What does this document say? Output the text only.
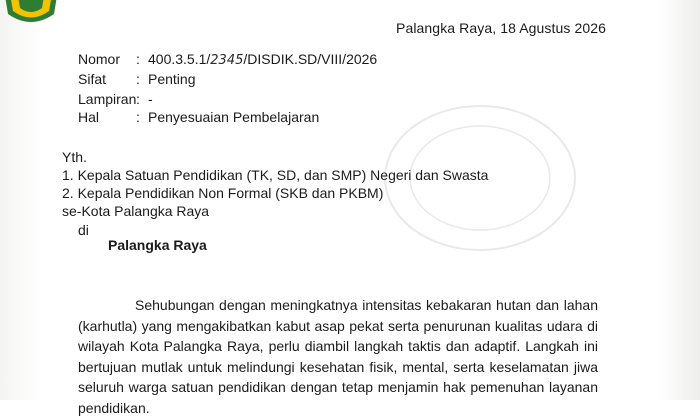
Palangka Raya, 18 Agustus 2026
Nomor	: 400.3.5.1/2345/DISDIK.SD/VIII/2026
Sifat	: Penting
Lampiran : -
Hal	: Penyesuaian Pembelajaran
Yth.
1. Kepala Satuan Pendidikan (TK, SD, dan SMP) Negeri dan Swasta
2. Kepala Pendidikan Non Formal (SKB dan PKBM)
se-Kota Palangka Raya
di
Palangka Raya

Sehubungan dengan meningkatnya intensitas kebakaran hutan dan lahan (karhutla) yang mengakibatkan kabut asap pekat serta penurunan kualitas udara di wilayah Kota Palangka Raya, perlu diambil langkah taktis dan adaptif. Langkah ini bertujuan mutlak untuk melindungi kesehatan fisik, mental, serta keselamatan jiwa seluruh warga satuan pendidikan dengan tetap menjamin hak pemenuhan layanan pendidikan.
